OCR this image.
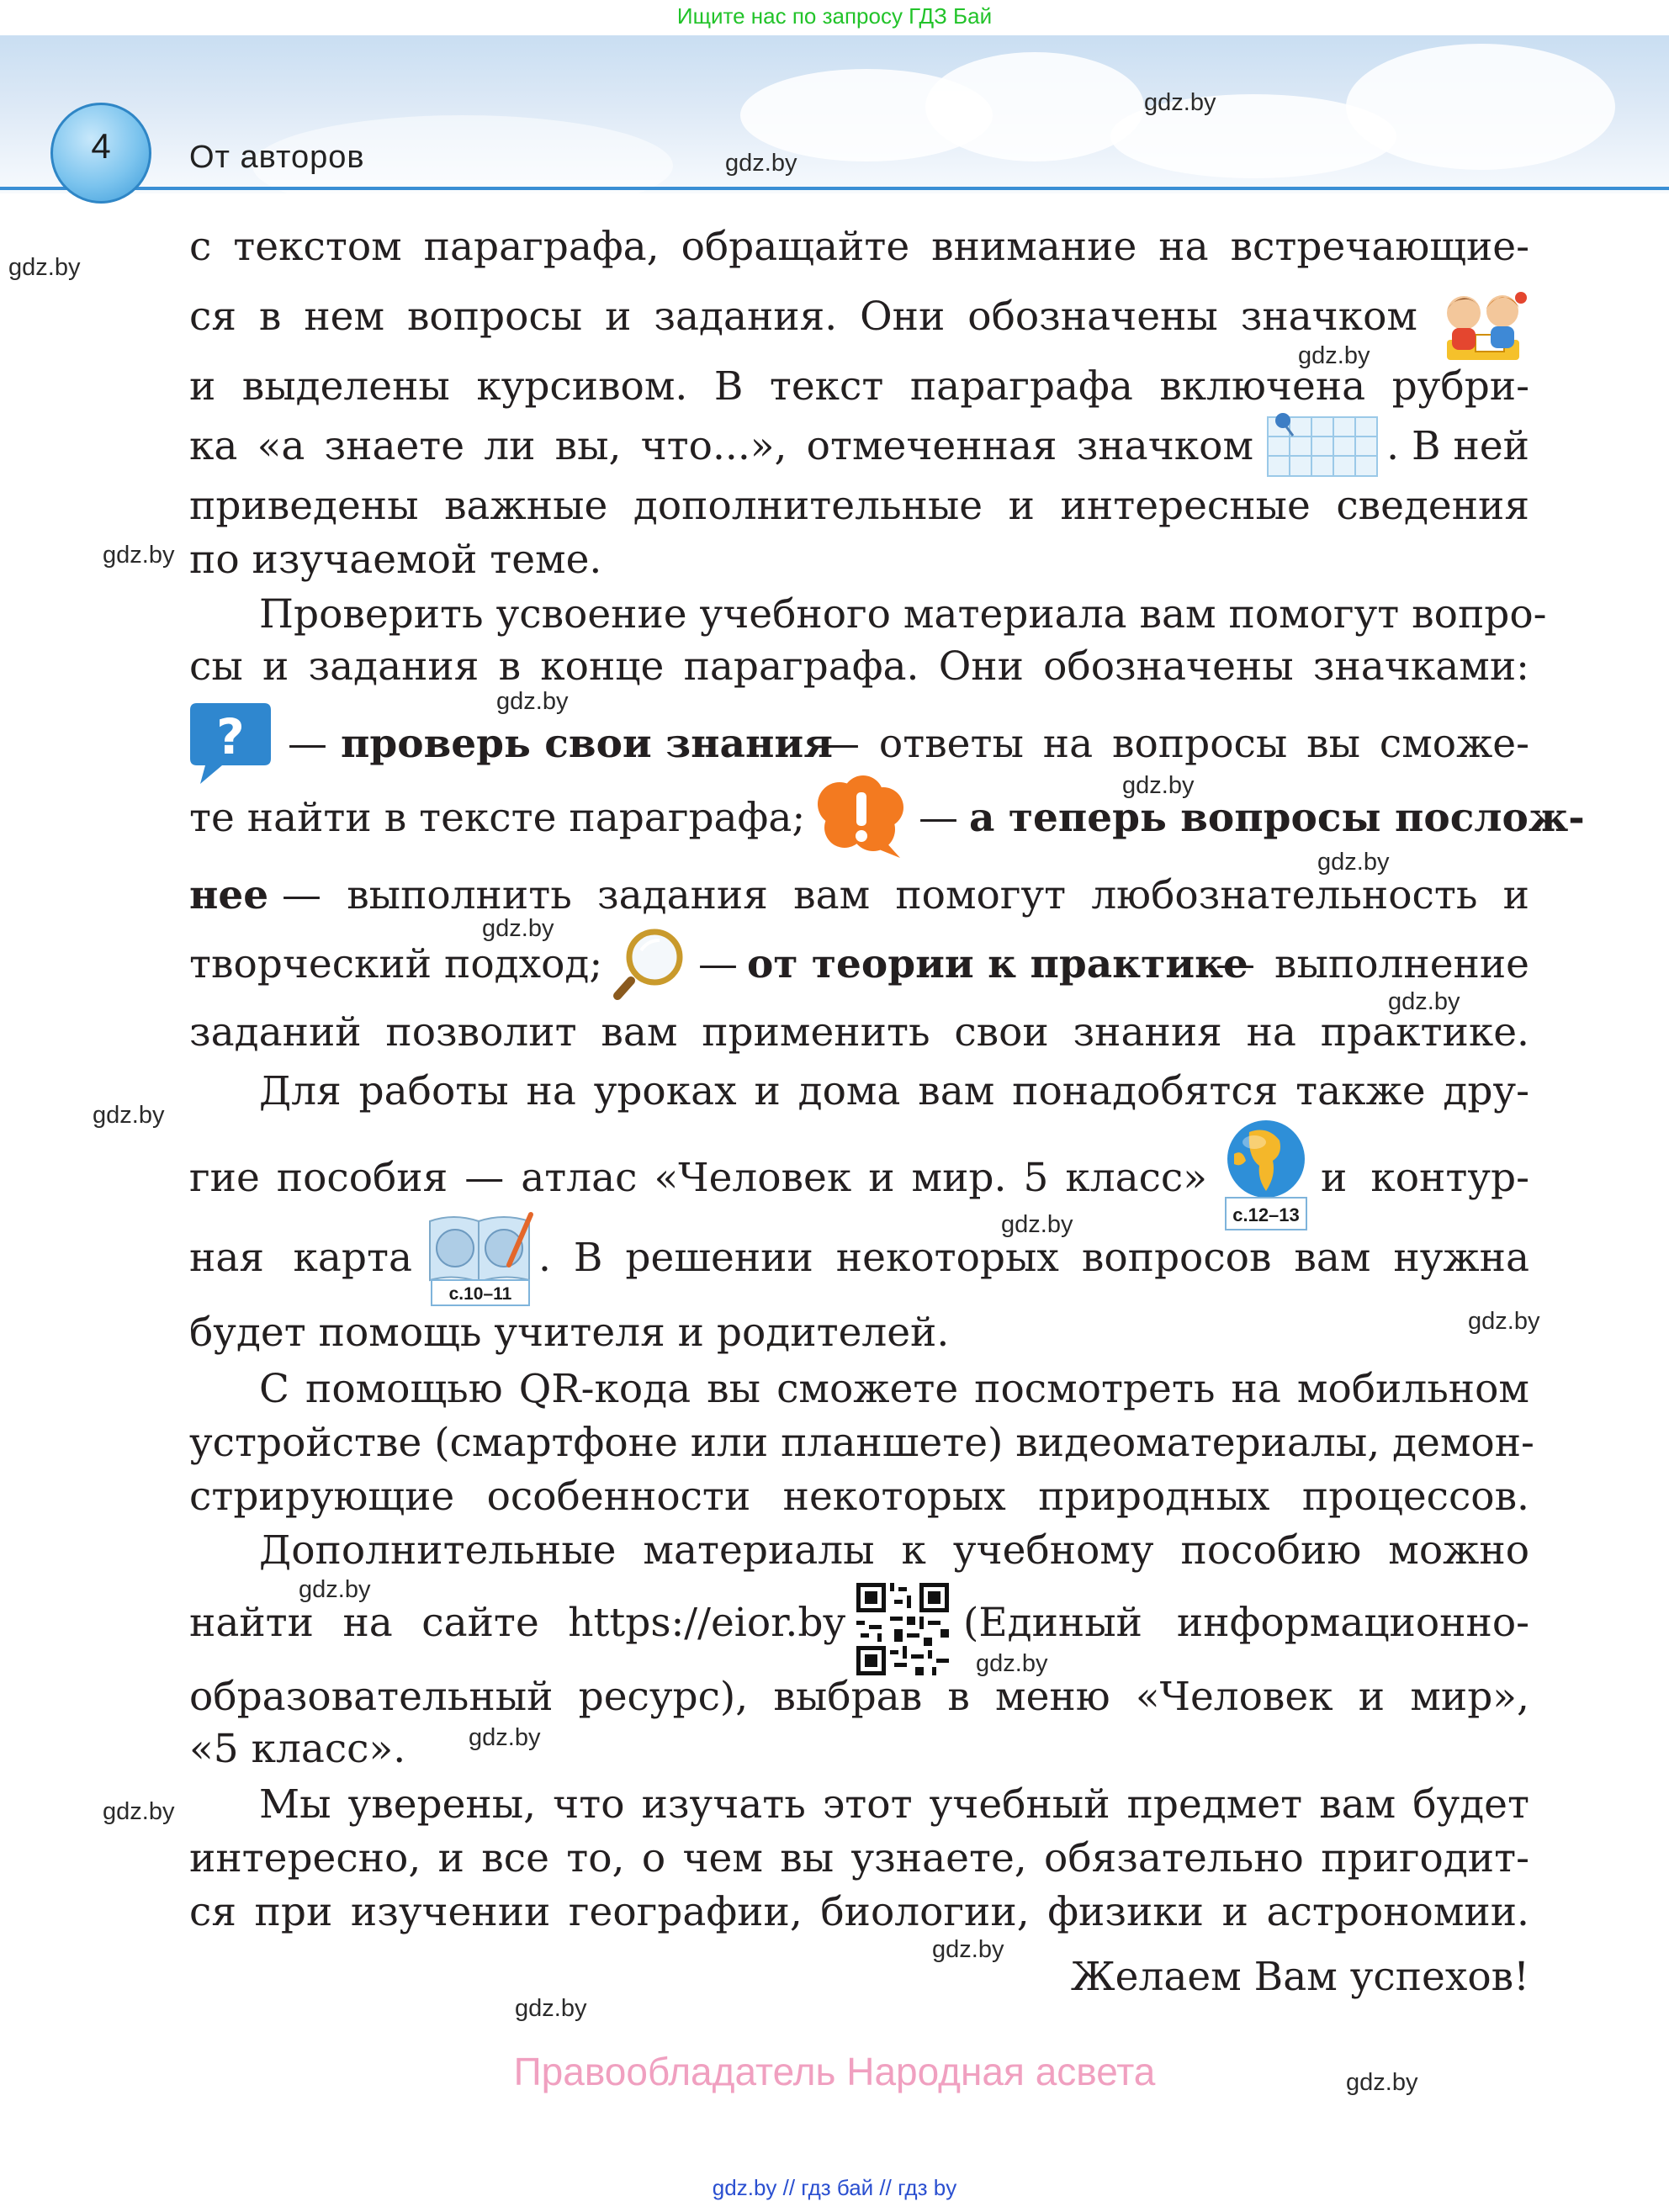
Ищите нас по запросу ГДЗ Бай
4	От авторов
gdz.by
gdz.by
gdz.by
gdz.by
gdz.by
gdz.by
gdz.by
gdz.by
gdz.by
gdz.by
gdz.by
gdz.by
gdz.by
gdz.by
gdz.by
gdz.by
gdz.by
gdz.by
gdz.by
gdz.by
с текстом параграфа, обращайте внимание на встречающие-
ся в нем вопросы и задания. Они обозначены значком
и выделены курсивом. В текст параграфа включена рубри-
ка «а знаете ли вы, что...», отмеченная значком	. В ней
приведены важные дополнительные и интересные сведения
по изучаемой теме.
Проверить усвоение учебного материала вам помогут вопро-
сы и задания в конце параграфа. Они обозначены значками:
? — проверь свои знания
— ответы на вопросы вы сможе-
те найти в тексте параграфа;	— а теперь вопросы послож-
нее — выполнить задания вам помогут любознательность и
творческий подход; — от теории к практике
— выполнение
заданий позволит вам применить свои знания на практике.
Для работы на уроках и дома вам понадобятся также дру-
гие пособия — атлас «Человек и мир. 5 класс»
с.12–13
и контур-
ная карта
с.10–11
. В решении некоторых вопросов вам нужна
будет помощь учителя и родителей.
С помощью QR-кода вы сможете посмотреть на мобильном
устройстве (смартфоне или планшете) видеоматериалы, демон-
стрирующие особенности некоторых природных процессов.
Дополнительные материалы к учебному пособию можно
найти на сайте https://eior.by	(Единый информационно-
образовательный ресурс), выбрав в меню «Человек и мир»,
«5 класс».
Мы уверены, что изучать этот учебный предмет вам будет
интересно, и все то, о чем вы узнаете, обязательно пригодит-
ся при изучении географии, биологии, физики и астрономии.
Желаем Вам успехов!
Правообладатель Народная асвета
gdz.by // гдз бай // гдз by
